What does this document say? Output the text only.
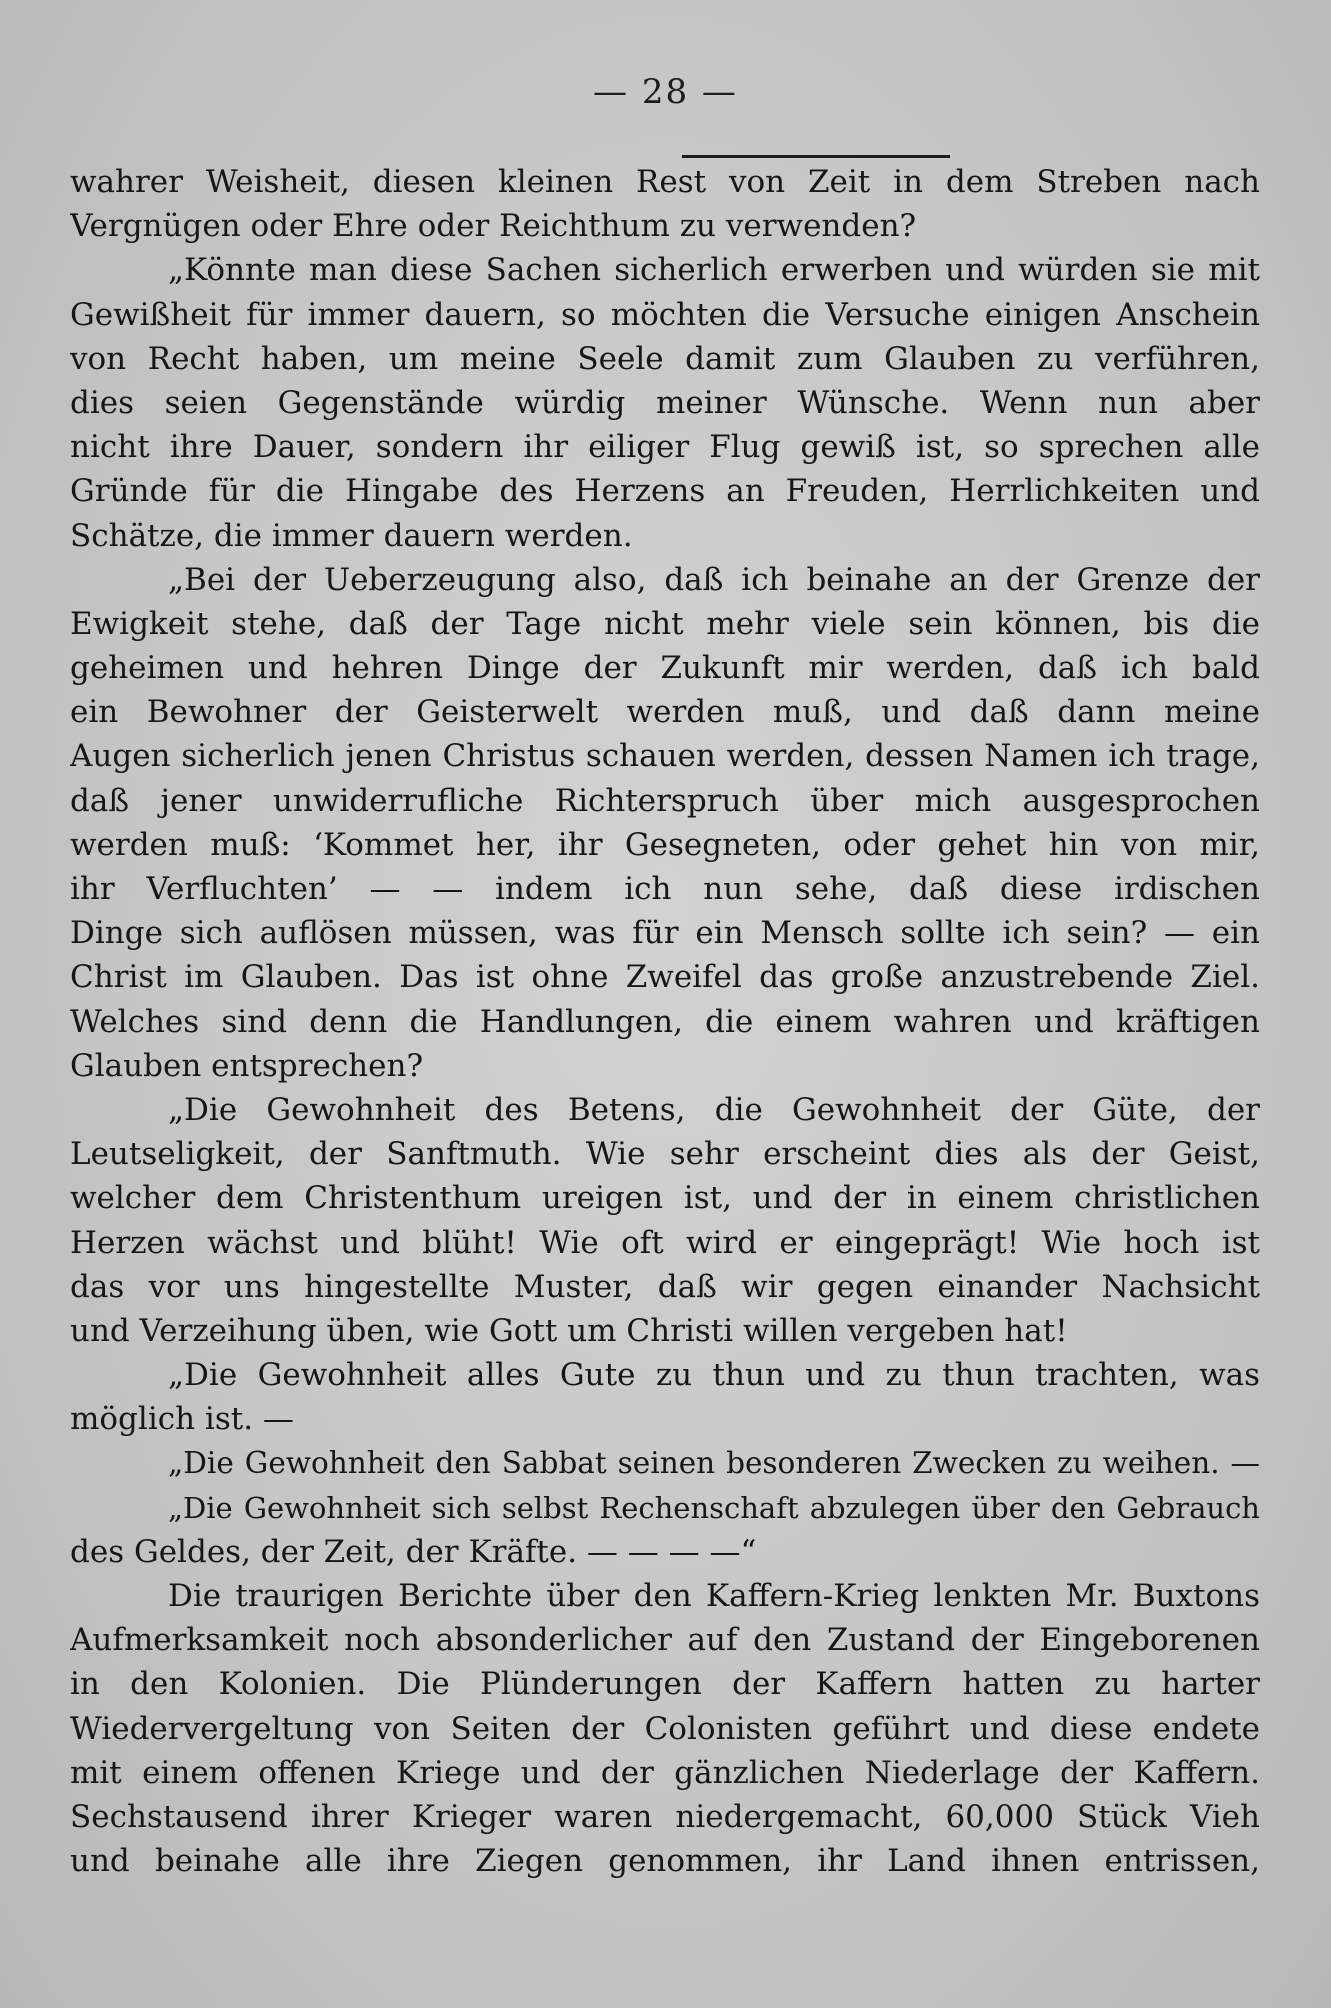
— 28 —
wahrer Weisheit, diesen kleinen Rest von Zeit in dem Streben nach
Vergnügen oder Ehre oder Reichthum zu verwenden?
„Könnte man diese Sachen sicherlich erwerben und würden sie mit
Gewißheit für immer dauern, so möchten die Versuche einigen Anschein
von Recht haben, um meine Seele damit zum Glauben zu verführen,
dies seien Gegenstände würdig meiner Wünsche. Wenn nun aber
nicht ihre Dauer, sondern ihr eiliger Flug gewiß ist, so sprechen alle
Gründe für die Hingabe des Herzens an Freuden, Herrlichkeiten und
Schätze, die immer dauern werden.
„Bei der Ueberzeugung also, daß ich beinahe an der Grenze der
Ewigkeit stehe, daß der Tage nicht mehr viele sein können, bis die
geheimen und hehren Dinge der Zukunft mir werden, daß ich bald
ein Bewohner der Geisterwelt werden muß, und daß dann meine
Augen sicherlich jenen Christus schauen werden, dessen Namen ich trage,
daß jener unwiderrufliche Richterspruch über mich ausgesprochen
werden muß: ‘Kommet her, ihr Gesegneten, oder gehet hin von mir,
ihr Verfluchten’ — — indem ich nun sehe, daß diese irdischen
Dinge sich auflösen müssen, was für ein Mensch sollte ich sein? — ein
Christ im Glauben. Das ist ohne Zweifel das große anzustrebende Ziel.
Welches sind denn die Handlungen, die einem wahren und kräftigen
Glauben entsprechen?
„Die Gewohnheit des Betens, die Gewohnheit der Güte, der
Leutseligkeit, der Sanftmuth. Wie sehr erscheint dies als der Geist,
welcher dem Christenthum ureigen ist, und der in einem christlichen
Herzen wächst und blüht! Wie oft wird er eingeprägt! Wie hoch ist
das vor uns hingestellte Muster, daß wir gegen einander Nachsicht
und Verzeihung üben, wie Gott um Christi willen vergeben hat!
„Die Gewohnheit alles Gute zu thun und zu thun trachten, was
möglich ist. —
„Die Gewohnheit den Sabbat seinen besonderen Zwecken zu weihen. —
„Die Gewohnheit sich selbst Rechenschaft abzulegen über den Gebrauch
des Geldes, der Zeit, der Kräfte. — — — —“
Die traurigen Berichte über den Kaffern-Krieg lenkten Mr. Buxtons
Aufmerksamkeit noch absonderlicher auf den Zustand der Eingeborenen
in den Kolonien. Die Plünderungen der Kaffern hatten zu harter
Wiedervergeltung von Seiten der Colonisten geführt und diese endete
mit einem offenen Kriege und der gänzlichen Niederlage der Kaffern.
Sechstausend ihrer Krieger waren niedergemacht, 60,000 Stück Vieh
und beinahe alle ihre Ziegen genommen, ihr Land ihnen entrissen,
